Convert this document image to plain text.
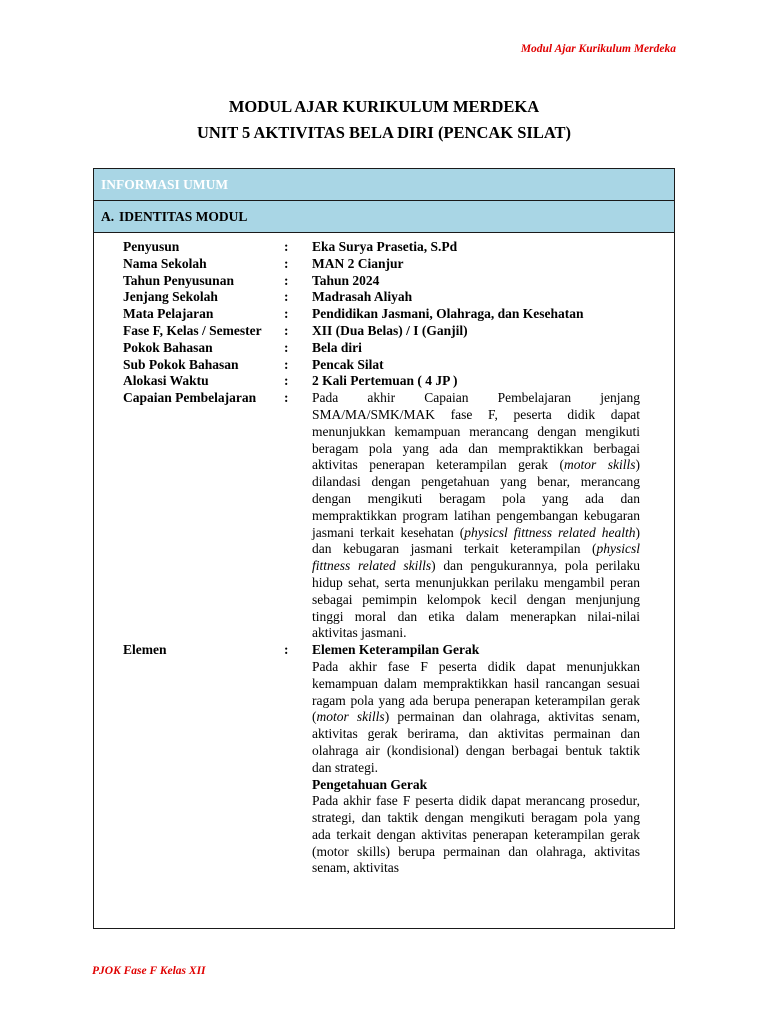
Modul Ajar Kurikulum Merdeka
MODUL AJAR KURIKULUM MERDEKA
UNIT 5 AKTIVITAS BELA DIRI (PENCAK SILAT)
INFORMASI UMUM
A. IDENTITAS MODUL
Penyusun	:	Eka Surya Prasetia, S.Pd
Nama Sekolah	:	MAN 2 Cianjur
Tahun Penyusunan	:	Tahun 2024
Jenjang Sekolah	:	Madrasah Aliyah
Mata Pelajaran	:	Pendidikan Jasmani, Olahraga, dan Kesehatan
Fase F, Kelas / Semester	:	XII (Dua Belas) / I (Ganjil)
Pokok Bahasan	:	Bela diri
Sub Pokok Bahasan	:	Pencak Silat
Alokasi Waktu	:	2 Kali Pertemuan ( 4 JP )
Capaian Pembelajaran	:	Pada akhir Capaian Pembelajaran jenjang SMA/MA/SMK/MAK fase F, peserta didik dapat menunjukkan kemampuan merancang dengan mengikuti beragam pola yang ada dan mempraktikkan berbagai aktivitas penerapan keterampilan gerak (motor skills) dilandasi dengan pengetahuan yang benar, merancang dengan mengikuti beragam pola yang ada dan mempraktikkan program latihan pengembangan kebugaran jasmani terkait kesehatan (physicsl fittness related health) dan kebugaran jasmani terkait keterampilan (physicsl fittness related skills) dan pengukurannya, pola perilaku hidup sehat, serta menunjukkan perilaku mengambil peran sebagai pemimpin kelompok kecil dengan menjunjung tinggi moral dan etika dalam menerapkan nilai-nilai aktivitas jasmani.
Elemen	:	Elemen Keterampilan Gerak
Pada akhir fase F peserta didik dapat menunjukkan kemampuan dalam mempraktikkan hasil rancangan sesuai ragam pola yang ada berupa penerapan keterampilan gerak (motor skills) permainan dan olahraga, aktivitas senam, aktivitas gerak berirama, dan aktivitas permainan dan olahraga air (kondisional) dengan berbagai bentuk taktik dan strategi.
Pengetahuan Gerak
Pada akhir fase F peserta didik dapat merancang prosedur, strategi, dan taktik dengan mengikuti beragam pola yang ada terkait dengan aktivitas penerapan keterampilan gerak (motor skills) berupa permainan dan olahraga, aktivitas senam, aktivitas
PJOK Fase F Kelas XII
